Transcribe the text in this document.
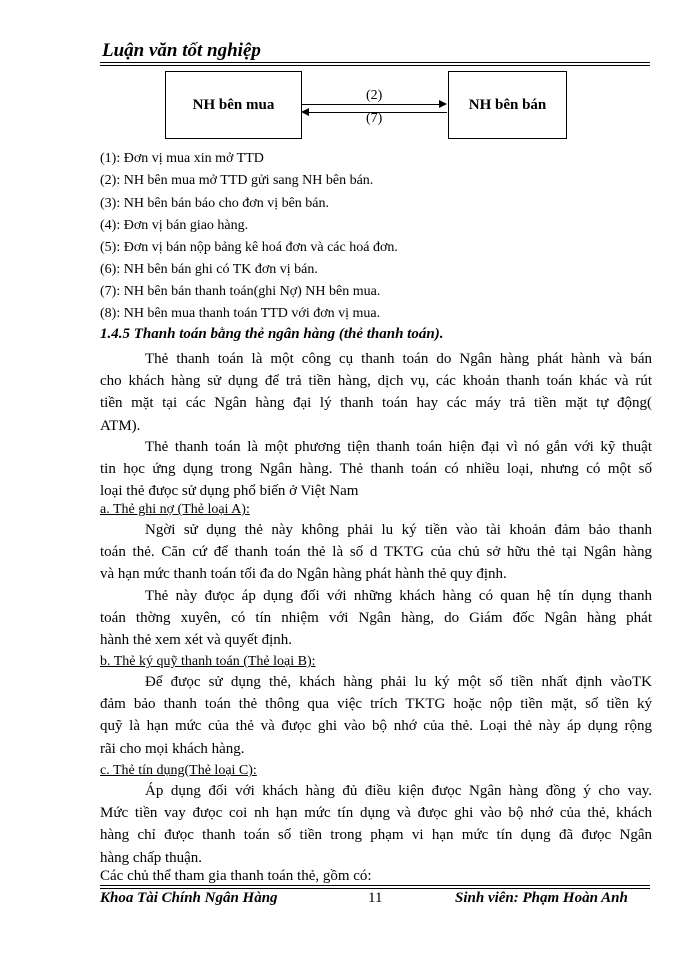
Luận văn tốt nghiệp
NH bên mua	NH bên bán
(2)
(7)
(1): Đơn vị mua xin mở TTD
(2): NH bên mua mở TTD gửi sang NH bên bán.
(3): NH bên bán báo cho đơn vị bên bán.
(4): Đơn vị bán giao hàng.
(5): Đơn vị bán nộp bảng kê hoá đơn và các hoá đơn.
(6): NH bên bán ghi có TK đơn vị bán.
(7): NH bên bán thanh toán(ghi Nợ) NH bên mua.
(8): NH bên mua thanh toán TTD với đơn vị mua.
1.4.5 Thanh toán bằng thẻ ngân hàng (thẻ thanh toán).
Thẻ thanh toán là một công cụ thanh toán do Ngân hàng phát hành và bán
cho khách hàng sử dụng để trả tiền hàng, dịch vụ, các khoản thanh toán khác và rút
tiền mặt tại các Ngân hàng đại lý thanh toán hay các máy trả tiền mặt tự động(
ATM).
Thẻ thanh toán là một phương tiện thanh toán hiện đại vì nó gắn với kỹ thuật
tin học ứng dụng trong Ngân hàng. Thẻ thanh toán có nhiều loại, nhưng có một số
loại thẻ đưọc sử dụng phổ biến ở Việt Nam
a. Thẻ ghi nợ (Thẻ loại A):
Ngời sử dụng thẻ này không phải lu ký tiền vào tài khoản đảm bảo thanh
toán thẻ. Căn cứ để thanh toán thẻ là số d TKTG của chủ sở hữu thẻ tại Ngân hàng
và hạn mức thanh toán tối đa do Ngân hàng phát hành thẻ quy định.
Thẻ này đưọc áp dụng đối với những khách hàng có quan hệ tín dụng thanh
toán thờng xuyên, có tín nhiệm với Ngân hàng, do Giám đốc Ngân hàng phát
hành thẻ xem xét và quyết định.
b. Thẻ ký quỹ thanh toán (Thẻ loại B):
Để đưọc sử dụng thẻ, khách hàng phải lu ký một số tiền nhất định vàoTK
đảm bảo thanh toán thẻ thông qua việc trích TKTG hoặc nộp tiền mặt, số tiền ký
quỹ là hạn mức của thẻ và đưọc ghi vào bộ nhớ của thẻ. Loại thẻ này áp dụng rộng
rãi cho mọi khách hàng.
c. Thẻ tín dụng(Thẻ loại C):
Áp dụng đối với khách hàng đủ điều kiện đưọc Ngân hàng đồng ý cho vay.
Mức tiền vay đưọc coi nh hạn mức tín dụng và đưọc ghi vào bộ nhớ của thẻ, khách
hàng chỉ đưọc thanh toán số tiền trong phạm vi hạn mức tín dụng đã đưọc Ngân
hàng chấp thuận.
Các chủ thể tham gia thanh toán thẻ, gồm có:
Khoa Tài Chính Ngân Hàng	11	Sinh viên: Phạm Hoàn Anh
